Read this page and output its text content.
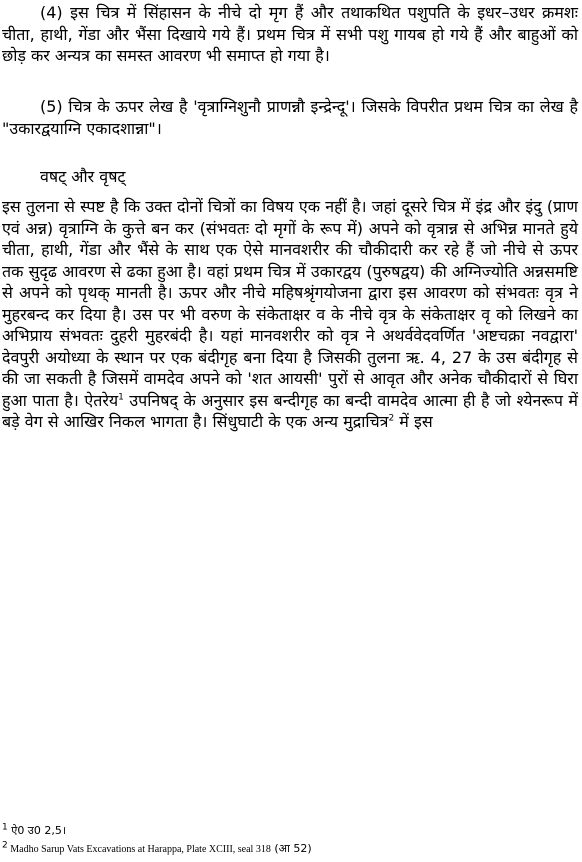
(4) इस चित्र में सिंहासन के नीचे दो मृग हैं और तथाकथित पशुपति के इधर–उधर क्रमशः चीता, हाथी, गेंडा और भैंसा दिखाये गये हैं। प्रथम चित्र में सभी पशु गायब हो गये हैं और बाहुओं को छोड़ कर अन्यत्र का समस्त आवरण भी समाप्त हो गया है।

(5) चित्र के ऊपर लेख है 'वृत्राग्निशुनौ प्राणन्नौ इन्द्रेन्दू'। जिसके विपरीत प्रथम चित्र का लेख है "उकारद्वयाग्नि एकादशान्ना"।

वषट् और वृषट्

इस तुलना से स्पष्ट है कि उक्त दोनों चित्रों का विषय एक नहीं है। जहां दूसरे चित्र में इंद्र और इंदु (प्राण एवं अन्न) वृत्राग्नि के कुत्ते बन कर (संभवतः दो मृगों के रूप में) अपने को वृत्रान्न से अभिन्न मानते हुये चीता, हाथी, गेंडा और भैंसे के साथ एक ऐसे मानवशरीर की चौकीदारी कर रहे हैं जो नीचे से ऊपर तक सुदृढ आवरण से ढका हुआ है। वहां प्रथम चित्र में उकारद्वय (पुरुषद्वय) की अग्निज्योति अन्नसमष्टि से अपने को पृथक् मानती है। ऊपर और नीचे महिषश्रृंगयोजना द्वारा इस आवरण को संभवतः वृत्र ने मुहरबन्द कर दिया है। उस पर भी वरुण के संकेताक्षर व के नीचे वृत्र के संकेताक्षर वृ को लिखने का अभिप्राय संभवतः दुहरी मुहरबंदी है। यहां मानवशरीर को वृत्र ने अथर्ववेदवर्णित 'अष्टचक्रा नवद्वारा' देवपुरी अयोध्या के स्थान पर एक बंदीगृह बना दिया है जिसकी तुलना ऋ. 4, 27 के उस बंदीगृह से की जा सकती है जिसमें वामदेव अपने को 'शत आयसी' पुरों से आवृत और अनेक चौकीदारों से घिरा हुआ पाता है। ऐतरेय$^1$ उपनिषद् के अनुसार इस बन्दीगृह का बन्दी वामदेव आत्मा ही है जो श्येनरूप में बड़े वेग से आखिर निकल भागता है। सिंधुघाटी के एक अन्य मुद्राचित्र$^2$ में इस

$^1$ ऐ0 उ0 2,5।
$^2$ Madho Sarup Vats Excavations at Harappa, Plate XCIII, seal 318 (आ 52)
